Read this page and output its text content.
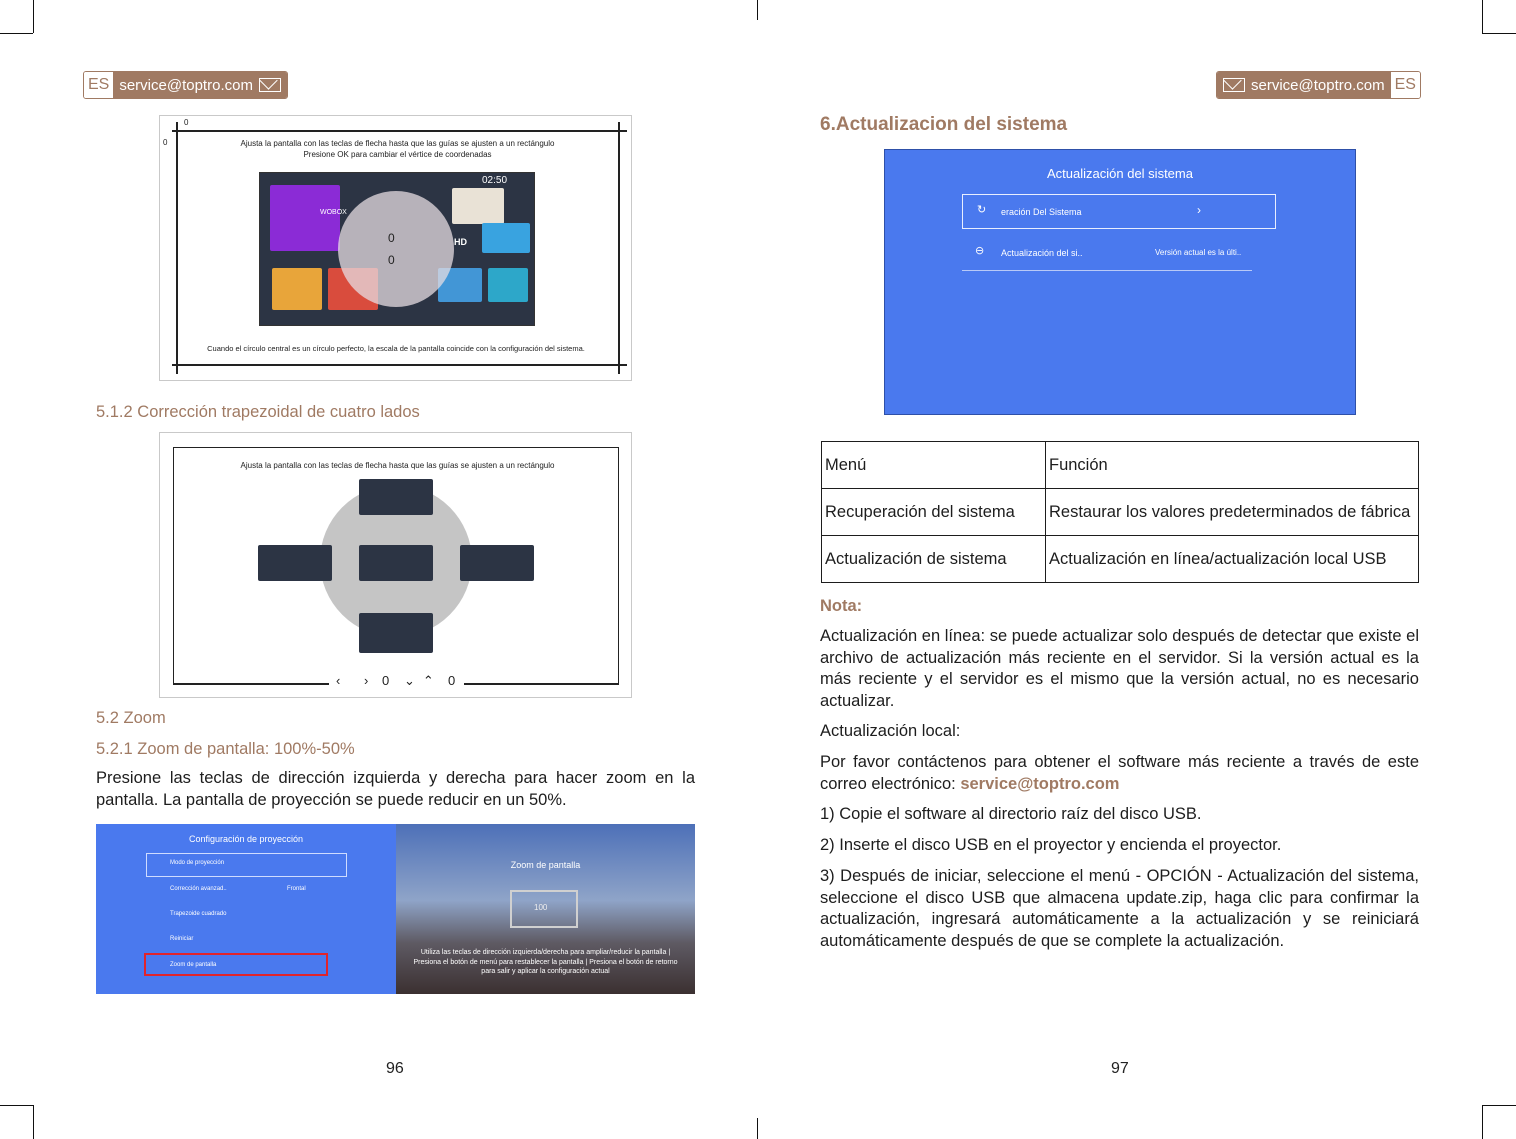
ES service@toptro.com
0
0	Ajusta la pantalla con las teclas de flecha hasta que las guías se ajusten a un rectángulo
Presione OK para cambiar el vértice de coordenadas
WOBOX
HD
02:50
0
0
Cuando el círculo central es un círculo perfecto, la escala de la pantalla coincide con la configuración del sistema.
5.1.2 Corrección trapezoidal de cuatro lados
Ajusta la pantalla con las teclas de flecha hasta que las guías se ajusten a un rectángulo
‹ › 0 ⌄⌃ 0
5.2 Zoom
5.2.1 Zoom de pantalla: 100%-50%
Presione las teclas de dirección izquierda y derecha para hacer zoom en la pantalla. La pantalla de proyección se puede reducir en un 50%.
Configuración de proyección
Modo de proyección
Corrección avanzad..	Frontal
Trapezoide cuadrado
Reiniciar
Zoom de pantalla
Zoom de pantalla
100
Utiliza las teclas de dirección izquierda/derecha para ampliar/reducir la pantalla | Presiona el botón de menú para restablecer la pantalla | Presiona el botón de retorno para salir y aplicar la configuración actual
96
service@toptro.com ES
6.Actualizacion del sistema
Actualización del sistema
↻ eración Del Sistema	›
⊖ Actualización del si..	Versión actual es la últi..
Menú	Función
Recuperación del sistema	Restaurar los valores predeterminados de fábrica
Actualización de sistema	Actualización en línea/actualización local USB
Nota:
Actualización en línea: se puede actualizar solo después de detectar que existe el archivo de actualización más reciente en el servidor. Si la versión actual es la más reciente y el servidor es el mismo que la versión actual, no es necesario actualizar.
Actualización local:
Por favor contáctenos para obtener el software más reciente a través de este correo electrónico: service@toptro.com
1) Copie el software al directorio raíz del disco USB.
2) Inserte el disco USB en el proyector y encienda el proyector.
3) Después de iniciar, seleccione el menú - OPCIÓN - Actualización del sistema, seleccione el disco USB que almacena update.zip, haga clic para confirmar la actualización, ingresará automáticamente a la actualización y se reiniciará automáticamente después de que se complete la actualización.
97
